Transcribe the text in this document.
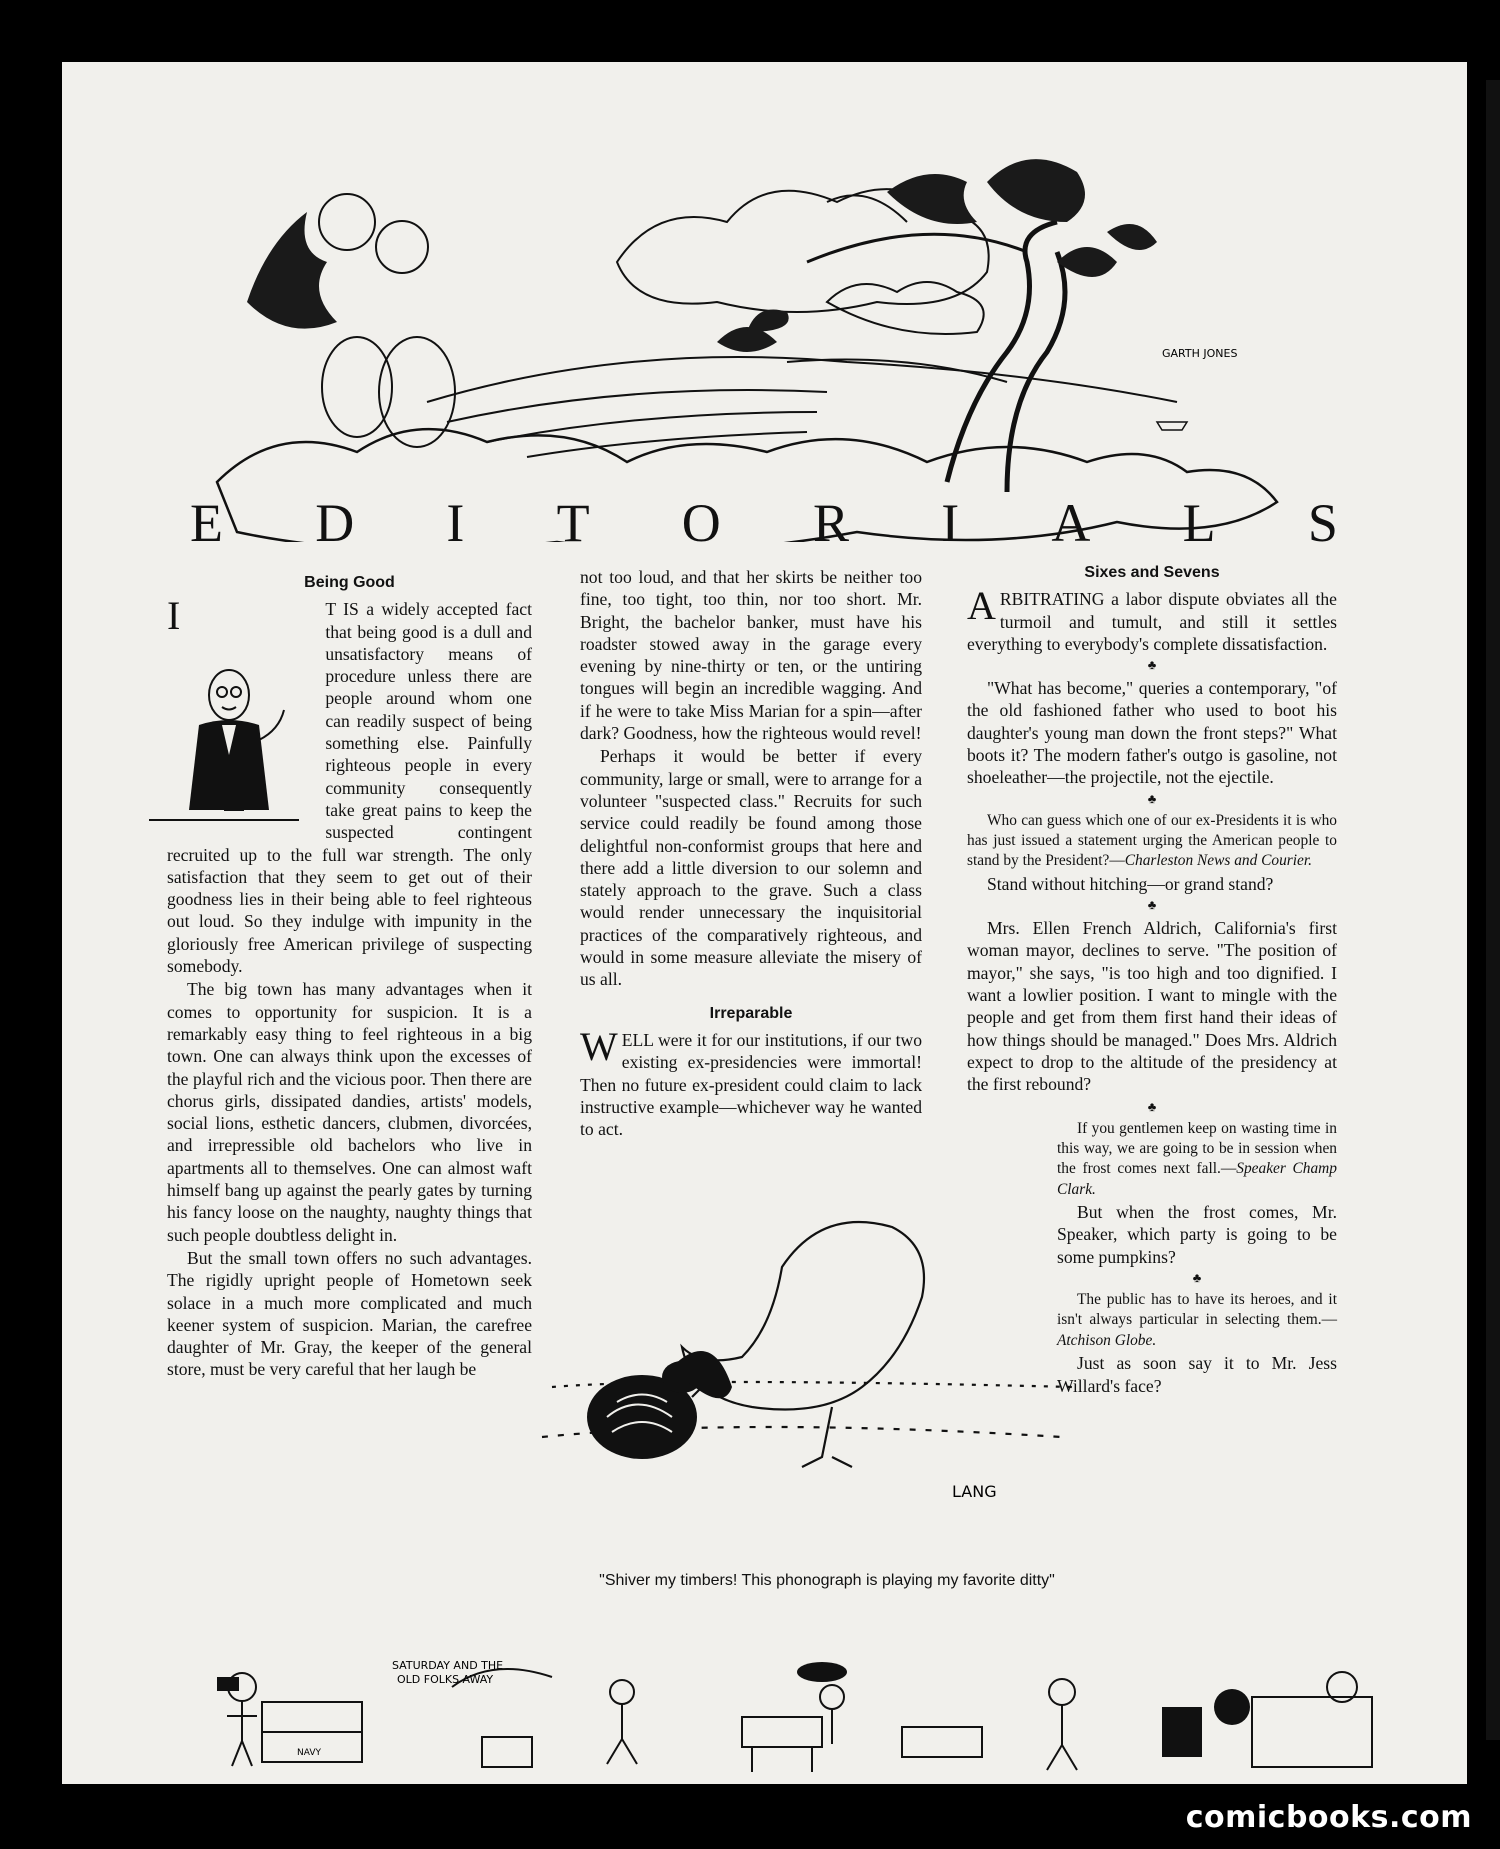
GARTH JONES
E D I T O R I A L S
Being Good

I	T IS a widely accepted fact that being good is a dull and unsatisfactory means of procedure unless there are people around whom one can readily suspect of being something else. Painfully righteous people in every community consequently take great pains to keep the suspected contingent recruited up to the full war strength. The only satisfaction that they seem to get out of their goodness lies in their being able to feel righteous out loud. So they indulge with impunity in the gloriously free American privilege of suspecting somebody.

The big town has many advantages when it comes to opportunity for suspicion. It is a remarkably easy thing to feel righteous in a big town. One can always think upon the excesses of the playful rich and the vicious poor. Then there are chorus girls, dissipated dandies, artists' models, social lions, esthetic dancers, clubmen, divorcées, and irrepressible old bachelors who live in apartments all to themselves. One can almost waft himself bang up against the pearly gates by turning his fancy loose on the naughty, naughty things that such people doubtless delight in.

But the small town offers no such advantages. The rigidly upright people of Hometown seek solace in a much more complicated and much keener system of suspicion. Marian, the carefree daughter of Mr. Gray, the keeper of the general store, must be very careful that her laugh be

not too loud, and that her skirts be neither too fine, too tight, too thin, nor too short. Mr. Bright, the bachelor banker, must have his roadster stowed away in the garage every evening by nine-thirty or ten, or the untiring tongues will begin an incredible wagging. And if he were to take Miss Marian for a spin—after dark? Goodness, how the righteous would revel!

Perhaps it would be better if every community, large or small, were to arrange for a volunteer "suspected class." Recruits for such service could readily be found among those delightful non-conformist groups that here and there add a little diversion to our solemn and stately approach to the grave. Such a class would render unnecessary the inquisitorial practices of the comparatively righteous, and would in some measure alleviate the misery of us all.

Irreparable

W ELL were it for our institutions, if our two existing ex-presidencies were immortal! Then no future ex-president could claim to lack instructive example—whichever way he wanted to act.

LANG
"Shiver my timbers! This phonograph is playing my favorite ditty"
Sixes and Sevens

A RBITRATING a labor dispute obviates all the turmoil and tumult, and still it settles everything to everybody's complete dissatisfaction.

♣

"What has become," queries a contemporary, "of the old fashioned father who used to boot his daughter's young man down the front steps?" What boots it? The modern father's outgo is gasoline, not shoeleather—the projectile, not the ejectile.

♣

Who can guess which one of our ex-Presidents it is who has just issued a statement urging the American people to stand by the President?—Charleston News and Courier.

Stand without hitching—or grand stand?

♣

Mrs. Ellen French Aldrich, California's first woman mayor, declines to serve. "The position of mayor," she says, "is too high and too dignified. I want a lowlier position. I want to mingle with the people and get from them first hand their ideas of how things should be managed." Does Mrs. Aldrich expect to drop to the altitude of the presidency at the first rebound?

♣

If you gentlemen keep on wasting time in this way, we are going to be in session when the frost comes next fall.—Speaker Champ Clark.

But when the frost comes, Mr. Speaker, which party is going to be some pumpkins?

♣

The public has to have its heroes, and it isn't always particular in selecting them.—Atchison Globe.

Just as soon say it to Mr. Jess Willard's face?

SATURDAY AND THE
OLD FOLKS AWAY
NAVY
comicbooks.com
